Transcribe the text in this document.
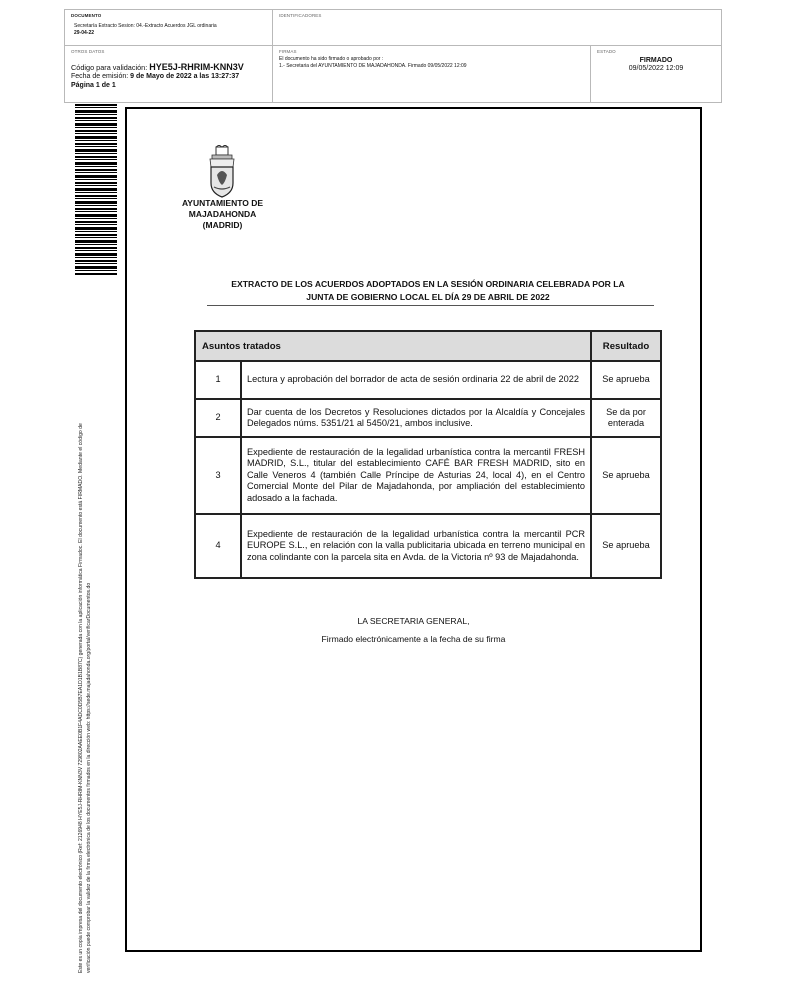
DOCUMENTO
Secretaría Extracto Sesion: 04.-Extracto Acuerdos JGL ordinaria
29-04-22
IDENTIFICADORES
OTROS DATOS
Código para validación: HYE5J-RHRIM-KNN3V
Fecha de emisión: 9 de Mayo de 2022 a las 13:27:37
Página 1 de 1
FIRMAS
El documento ha sido firmado o aprobado por :
1.- Secretaria del AYUNTAMIENTO DE MAJADAHONDA. Firmado 09/05/2022 12:09
ESTADO
FIRMADO
09/05/2022 12:09
Este es un copia impresa del documento electrónico (Ref: 2126948 HYE5J-RHRIM-KNN3V 729802AAEE0B1F4ADC0D5B7EA1D1B1B87C) generada con la aplicación informática Firmadoc. El documento está FIRMADO. Mediante el código de verificación puede comprobar la validez de la firma electrónica de los documentos firmados en la dirección web: https://sede.majadahonda.org/portal/verificarDocumentos.do
AYUNTAMIENTO DE
MAJADAHONDA
(MADRID)
EXTRACTO DE LOS ACUERDOS ADOPTADOS EN LA SESIÓN ORDINARIA CELEBRADA POR LA
JUNTA DE GOBIERNO LOCAL EL DÍA 29 DE ABRIL DE 2022
Asuntos tratados		Resultado
1	Lectura y aprobación del borrador de acta de sesión ordinaria 22 de abril de 2022	Se aprueba
2	Dar cuenta de los Decretos y Resoluciones dictados por la Alcaldía y Concejales Delegados núms. 5351/21 al 5450/21, ambos inclusive.	Se da por enterada
3	Expediente de restauración de la legalidad urbanística contra la mercantil FRESH MADRID, S.L., titular del establecimiento CAFÉ BAR FRESH MADRID, sito en Calle Veneros 4 (también Calle Príncipe de Asturias 24, local 4), en el Centro Comercial Monte del Pilar de Majadahonda, por ampliación del establecimiento adosado a la fachada.	Se aprueba
4	Expediente de restauración de la legalidad urbanística contra la mercantil PCR EUROPE S.L., en relación con la valla publicitaria ubicada en terreno municipal en zona colindante con la parcela sita en Avda. de la Victoria nº 93 de Majadahonda.	Se aprueba
LA SECRETARIA GENERAL,
Firmado electrónicamente a la fecha de su firma
